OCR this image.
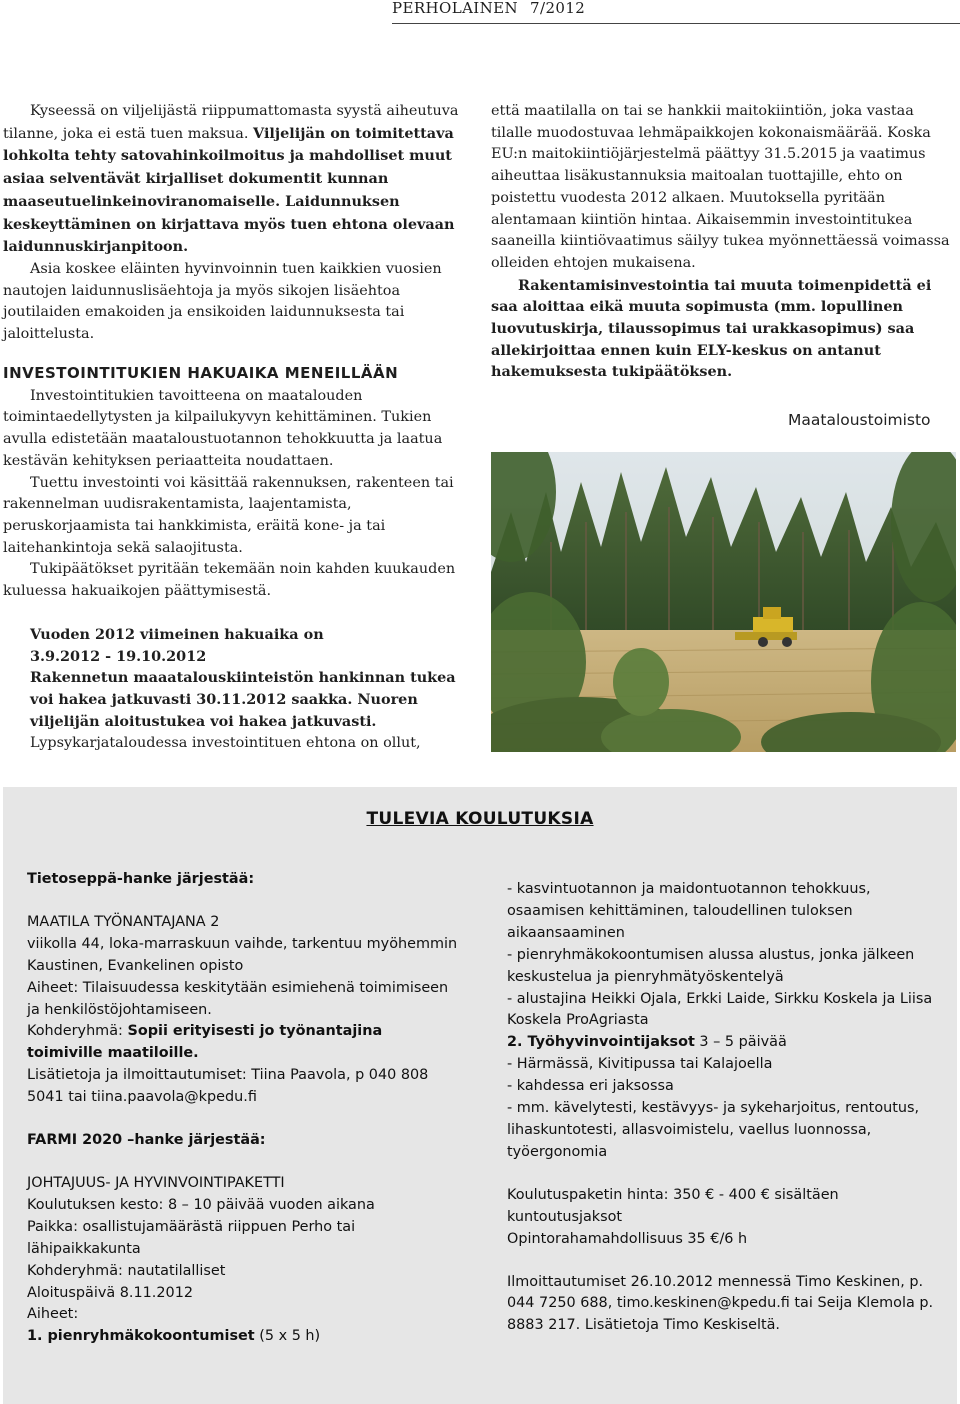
PERHOLAINEN 7/2012

Kyseessä on viljelijästä riippumattomasta syystä aiheutuva tilanne, joka ei estä tuen maksua. Viljelijän on toimitettava lohkolta tehty satovahinkoilmoitus ja mahdolliset muut asiaa selventävät kirjalliset dokumentit kunnan maaseutuelinkeinoviranomaiselle. Laidunnuksen keskeyttäminen on kirjattava myös tuen ehtona olevaan laidunnuskirjanpitoon.

Asia koskee eläinten hyvinvoinnin tuen kaikkien vuosien nautojen laidunnuslisäehtoja ja myös sikojen lisäehtoa joutilaiden emakoiden ja ensikoiden laidunnuksesta tai jaloittelusta.

INVESTOINTITUKIEN HAKUAIKA MENEILLÄÄN

Investointitukien tavoitteena on maatalouden toimintaedellytysten ja kilpailukyvyn kehittäminen. Tukien avulla edistetään maataloustuotannon tehokkuutta ja laatua kestävän kehityksen periaatteita noudattaen.

Tuettu investointi voi käsittää rakennuksen, rakenteen tai rakennelman uudisrakentamista, laajentamista, peruskorjaamista tai hankkimista, eräitä kone- ja tai laitehankintoja sekä salaojitusta.

Tukipäätökset pyritään tekemään noin kahden kuukauden kuluessa hakuaikojen päättymisestä.

Vuoden 2012 viimeinen hakuaika on

3.9.2012 - 19.10.2012

Rakennetun maaatalouskiinteistön hankinnan tukea voi hakea jatkuvasti 30.11.2012 saakka. Nuoren viljelijän aloitustukea voi hakea jatkuvasti.

Lypsykarjataloudessa investointituen ehtona on ollut,

että maatilalla on tai se hankkii maitokiintiön, joka vastaa tilalle muodostuvaa lehmäpaikkojen kokonaismäärää. Koska EU:n maitokiintiöjärjestelmä päättyy 31.5.2015 ja vaatimus aiheuttaa lisäkustannuksia maitoalan tuottajille, ehto on poistettu vuodesta 2012 alkaen. Muutoksella pyritään alentamaan kiintiön hintaa. Aikaisemmin investointitukea saaneilla kiintiövaatimus säilyy tukea myönnettäessä voimassa olleiden ehtojen mukaisena.

Rakentamisinvestointia tai muuta toimenpidettä ei saa aloittaa eikä muuta sopimusta (mm. lopullinen luovutuskirja, tilaussopimus tai urakkasopimus) saa allekirjoittaa ennen kuin ELY-keskus on antanut hakemuksesta tukipäätöksen.

Maataloustoimisto
TULEVIA KOULUTUKSIA

Tietoseppä-hanke järjestää:

MAATILA TYÖNANTAJANA 2

viikolla 44, loka-marraskuun vaihde, tarkentuu myöhemmin

Kaustinen, Evankelinen opisto

Aiheet: Tilaisuudessa keskitytään esimiehenä toimimiseen ja henkilöstöjohtamiseen.

Kohderyhmä: Sopii erityisesti jo työnantajina toimiville maatiloille.

Lisätietoja ja ilmoittautumiset: Tiina Paavola, p 040 808 5041 tai tiina.paavola@kpedu.fi

FARMI 2020 –hanke järjestää:

JOHTAJUUS- JA HYVINVOINTIPAKETTI

Koulutuksen kesto: 8 – 10 päivää vuoden aikana

Paikka: osallistujamäärästä riippuen Perho tai lähipaikkakunta

Kohderyhmä: nautatilalliset

Aloituspäivä 8.11.2012

Aiheet:

1. pienryhmäkokoontumiset (5 x 5 h)

- kasvintuotannon ja maidontuotannon tehokkuus, osaamisen kehittäminen, taloudellinen tuloksen aikaansaaminen

- pienryhmäkokoontumisen alussa alustus, jonka jälkeen keskustelua ja pienryhmätyöskentelyä

- alustajina Heikki Ojala, Erkki Laide, Sirkku Koskela ja Liisa Koskela ProAgriasta

2. Työhyvinvointijaksot 3 – 5 päivää

- Härmässä, Kivitipussa tai Kalajoella

- kahdessa eri jaksossa

- mm. kävelytesti, kestävyys- ja sykeharjoitus, rentoutus, lihaskuntotesti, allasvoimistelu, vaellus luonnossa, työergonomia

Koulutuspaketin hinta: 350 € - 400 € sisältäen kuntoutusjaksot

Opintorahamahdollisuus 35 €/6 h

Ilmoittautumiset 26.10.2012 mennessä Timo Keskinen, p. 044 7250 688, timo.keskinen@kpedu.fi tai Seija Klemola p. 8883 217. Lisätietoja Timo Keskiseltä.
